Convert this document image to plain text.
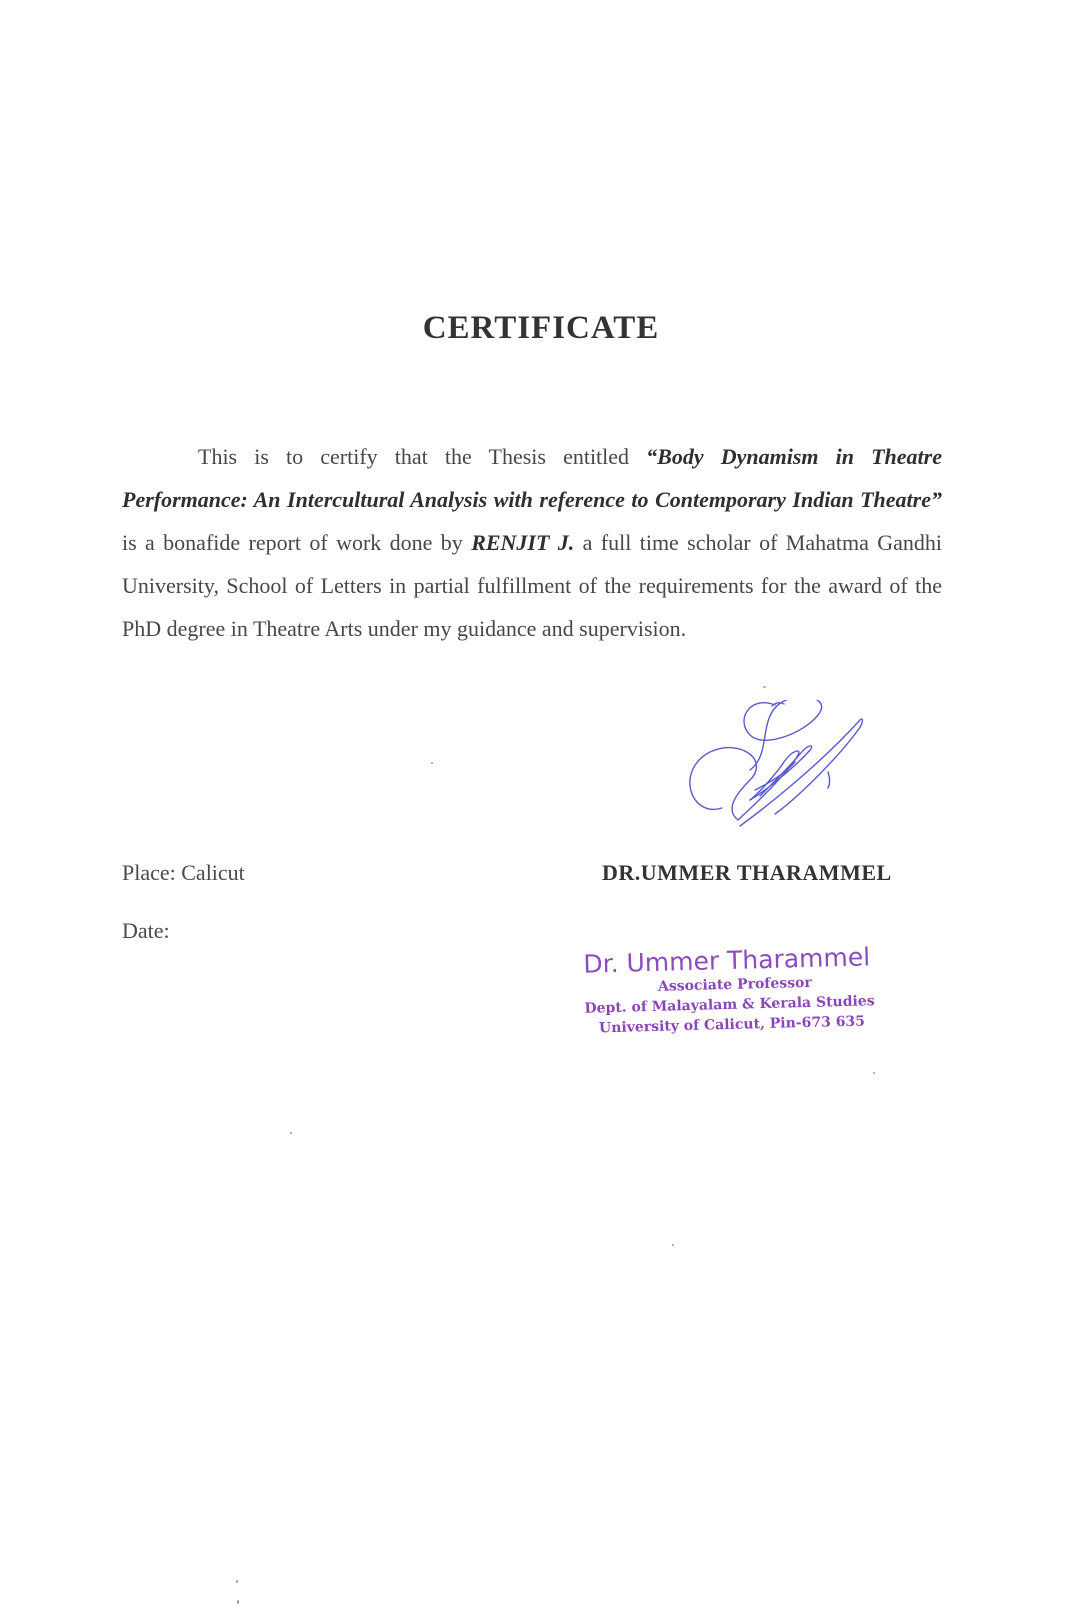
CERTIFICATE
This is to certify that the Thesis entitled “Body Dynamism in Theatre Performance: An Intercultural Analysis with reference to Contemporary Indian Theatre” is a bonafide report of work done by RENJIT J. a full time scholar of Mahatma Gandhi University, School of Letters in partial fulfillment of the requirements for the award of the PhD degree in Theatre Arts under my guidance and supervision.
Place: Calicut
Date:
DR.UMMER THARAMMEL
Dr. Ummer Tharammel
Associate Professor
Dept. of Malayalam & Kerala Studies
University of Calicut, Pin-673 635
